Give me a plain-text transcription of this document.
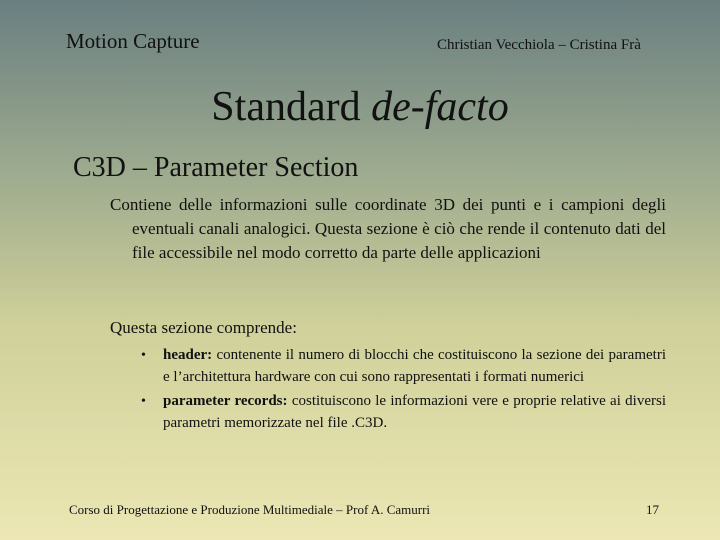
Motion Capture	Christian Vecchiola – Cristina Frà
Standard de-facto
C3D – Parameter Section
Contiene delle informazioni sulle coordinate 3D dei punti e i campioni degli eventuali canali analogici. Questa sezione è ciò che rende il contenuto dati del file accessibile nel modo corretto da parte delle applicazioni
Questa sezione comprende:
• header: contenente il numero di blocchi che costituiscono la sezione dei parametri e l’architettura hardware con cui sono rappresentati i formati numerici
• parameter records: costituiscono le informazioni vere e proprie relative ai diversi parametri memorizzate nel file .C3D.
Corso di Progettazione e Produzione Multimediale – Prof A. Camurri	17
